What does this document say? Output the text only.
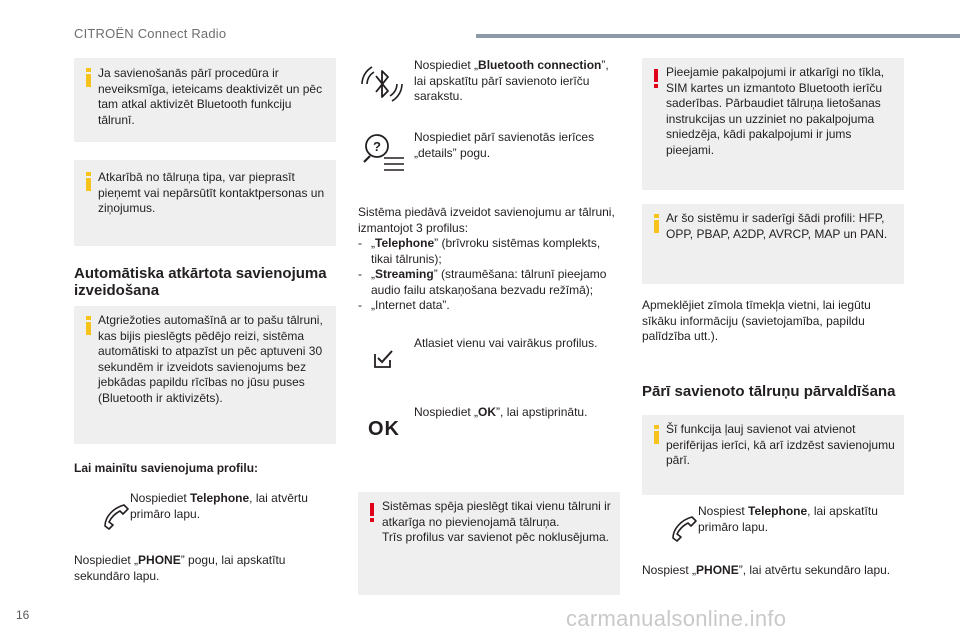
CITROËN Connect Radio

Ja savienošanās pārī procedūra ir neveiksmīga, ieteicams deaktivizēt un pēc tam atkal aktivizēt Bluetooth funkciju tālrunī.

Atkarībā no tālruņa tipa, var pieprasīt pieņemt vai nepārsūtīt kontaktpersonas un ziņojumus.

Automātiska atkārtota savienojuma izveidošana

Atgriežoties automašīnā ar to pašu tālruni, kas bijis pieslēgts pēdējo reizi, sistēma automātiski to atpazīst un pēc aptuveni 30 sekundēm ir izveidots savienojums bez jebkādas papildu rīcības no jūsu puses (Bluetooth ir aktivizēts).

Lai mainītu savienojuma profilu:

Nospiediet Telephone, lai atvērtu primāro lapu.

Nospiediet „PHONE” pogu, lai apskatītu sekundāro lapu.

Nospiediet „Bluetooth connection”, lai apskatītu pārī savienoto ierīču sarakstu.

?

Nospiediet pārī savienotās ierīces „details” pogu.

Sistēma piedāvā izveidot savienojumu ar tālruni, izmantojot 3 profilus:

- „Telephone” (brīvroku sistēmas komplekts, tikai tālrunis);
- „Streaming” (straumēšana: tālrunī pieejamo audio failu atskaņošana bezvadu režīmā);
- „Internet data”.

Atlasiet vienu vai vairākus profilus.

OK

Nospiediet „OK”, lai apstiprinātu.

Sistēmas spēja pieslēgt tikai vienu tālruni ir atkarīga no pievienojamā tālruņa.
Trīs profilus var savienot pēc noklusējuma.

Pieejamie pakalpojumi ir atkarīgi no tīkla, SIM kartes un izmantoto Bluetooth ierīču saderības. Pārbaudiet tālruņa lietošanas instrukcijas un uzziniet no pakalpojuma sniedzēja, kādi pakalpojumi ir jums pieejami.

Ar šo sistēmu ir saderīgi šādi profili: HFP, OPP, PBAP, A2DP, AVRCP, MAP un PAN.

Apmeklējiet zīmola tīmekļa vietni, lai iegūtu sīkāku informāciju (savietojamība, papildu palīdzība utt.).

Pārī savienoto tālruņu pārvaldīšana

Šī funkcija ļauj savienot vai atvienot perifērijas ierīci, kā arī izdzēst savienojumu pārī.

Nospiest Telephone, lai apskatītu primāro lapu.

Nospiest „PHONE”, lai atvērtu sekundāro lapu.

16	carmanualsonline.info
